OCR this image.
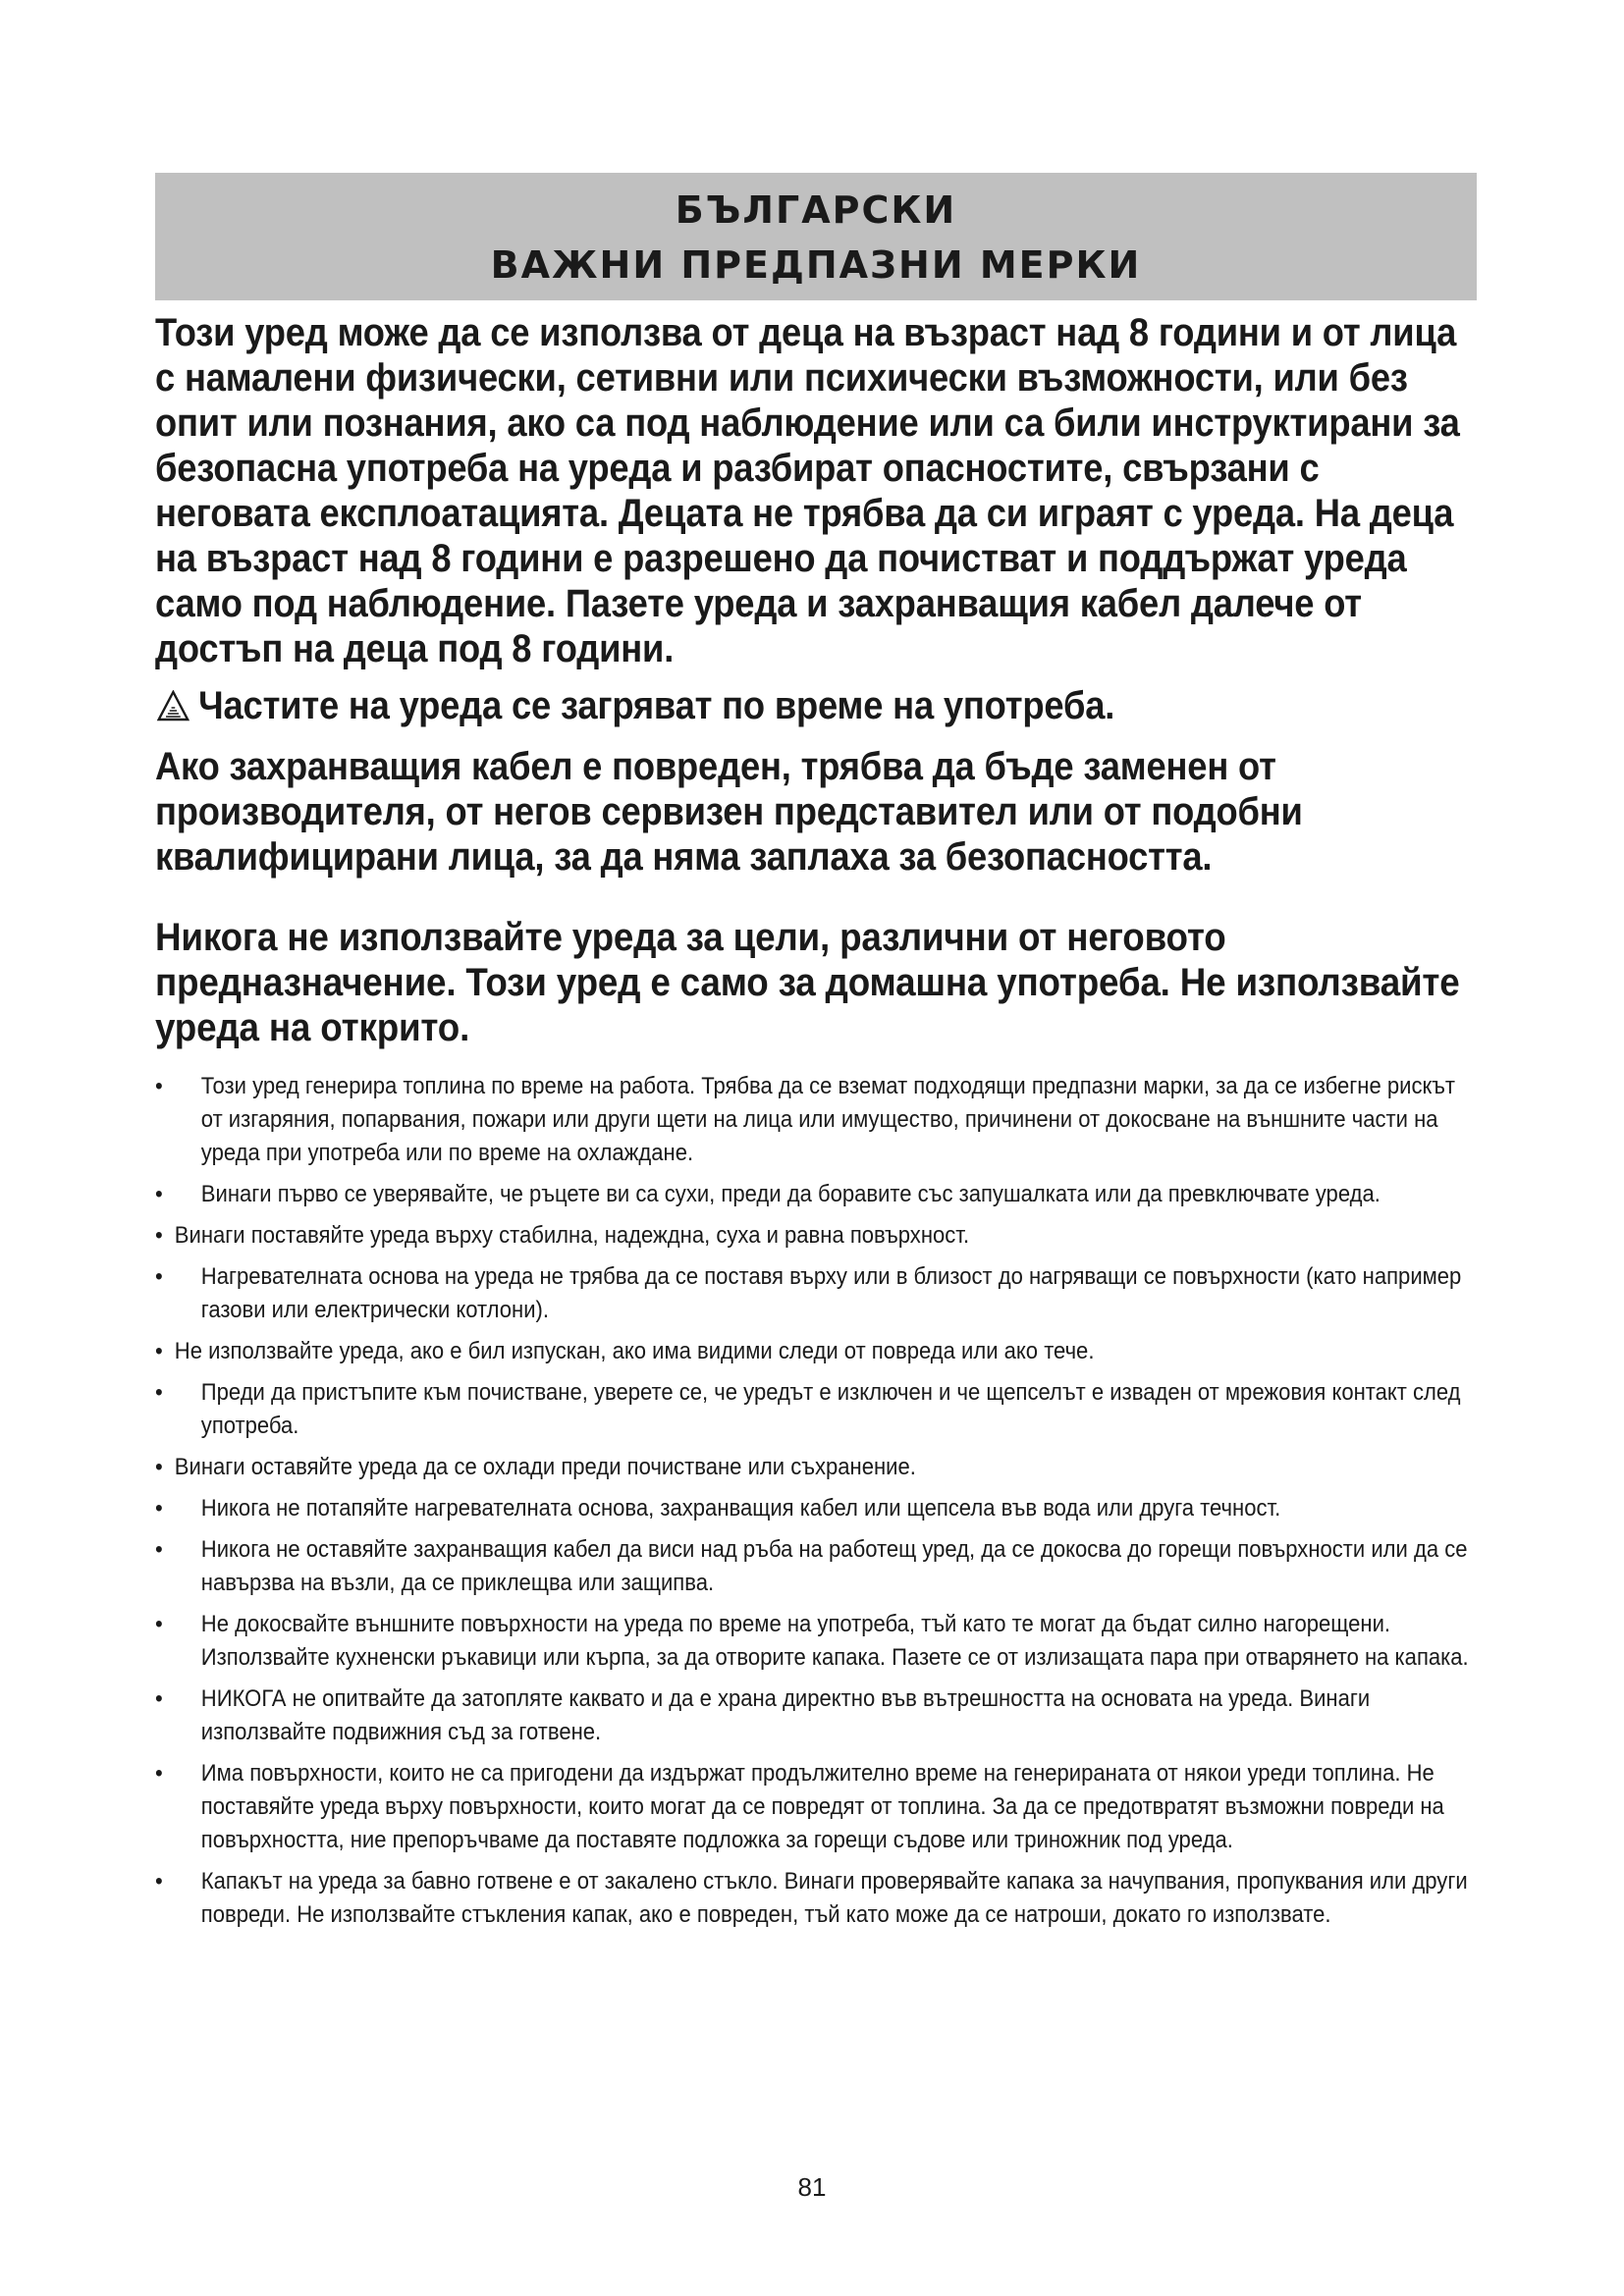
БЪЛГАРСКИ
ВАЖНИ ПРЕДПАЗНИ МЕРКИ

Този уред може да се използва от деца на възраст над 8 години и от лица с намалени физически, сетивни или психически възможности, или без опит или познания, ако са под наблюдение или са били инструктирани за безопасна употреба на уреда и разбират опасностите, свързани с неговата експлоатацията. Децата не трябва да си играят с уреда. На деца на възраст над 8 години е разрешено да почистват и поддържат уреда само под наблюдение. Пазете уреда и захранващия кабел далече от достъп на деца под 8 години.

Частите на уреда се загряват по време на употреба.

Ако захранващия кабел е повреден, трябва да бъде заменен от производителя, от негов сервизен представител или от подобни квалифицирани лица, за да няма заплаха за безопасността.

Никога не използвайте уреда за цели, различни от неговото предназначение. Този уред е само за домашна употреба. Не използвайте уреда на открито.

•	Този уред генерира топлина по време на работа. Трябва да се вземат подходящи предпазни марки, за да се избегне рискът от изгаряния, попарвания, пожари или други щети на лица или имущество, причинени от докосване на външните части на уреда при употреба или по време на охлаждане.
•	Винаги първо се уверявайте, че ръцете ви са сухи, преди да боравите със запушалката или да превключвате уреда.
• Винаги поставяйте уреда върху стабилна, надеждна, суха и равна повърхност.
•	Нагревателната основа на уреда не трябва да се поставя върху или в близост до нагряващи се повърхности (като например газови или електрически котлони).
• Не използвайте уреда, ако е бил изпускан, ако има видими следи от повреда или ако тече.
•	Преди да пристъпите към почистване, уверете се, че уредът е изключен и че щепселът е изваден от мрежовия контакт след употреба.
• Винаги оставяйте уреда да се охлади преди почистване или съхранение.
•	Никога не потапяйте нагревателната основа, захранващия кабел или щепсела във вода или друга течност.
•	Никога не оставяйте захранващия кабел да виси над ръба на работещ уред, да се докосва до горещи повърхности или да се навързва на възли, да се приклещва или защипва.
•	Не докосвайте външните повърхности на уреда по време на употреба, тъй като те могат да бъдат силно нагорещени. Използвайте кухненски ръкавици или кърпа, за да отворите капака. Пазете се от излизащата пара при отварянето на капака.
•	НИКОГА не опитвайте да затопляте каквато и да е храна директно във вътрешността на основата на уреда. Винаги използвайте подвижния съд за готвене.
•	Има повърхности, които не са пригодени да издържат продължително време на генерираната от някои уреди топлина. Не поставяйте уреда върху повърхности, които могат да се повредят от топлина. За да се предотвратят възможни повреди на повърхността, ние препоръчваме да поставяте подложка за горещи съдове или триножник под уреда.
•	Капакът на уреда за бавно готвене е от закалено стъкло. Винаги проверявайте капака за начупвания, пропуквания или други повреди. Не използвайте стъкления капак, ако е повреден, тъй като може да се натроши, докато го използвате.
81
